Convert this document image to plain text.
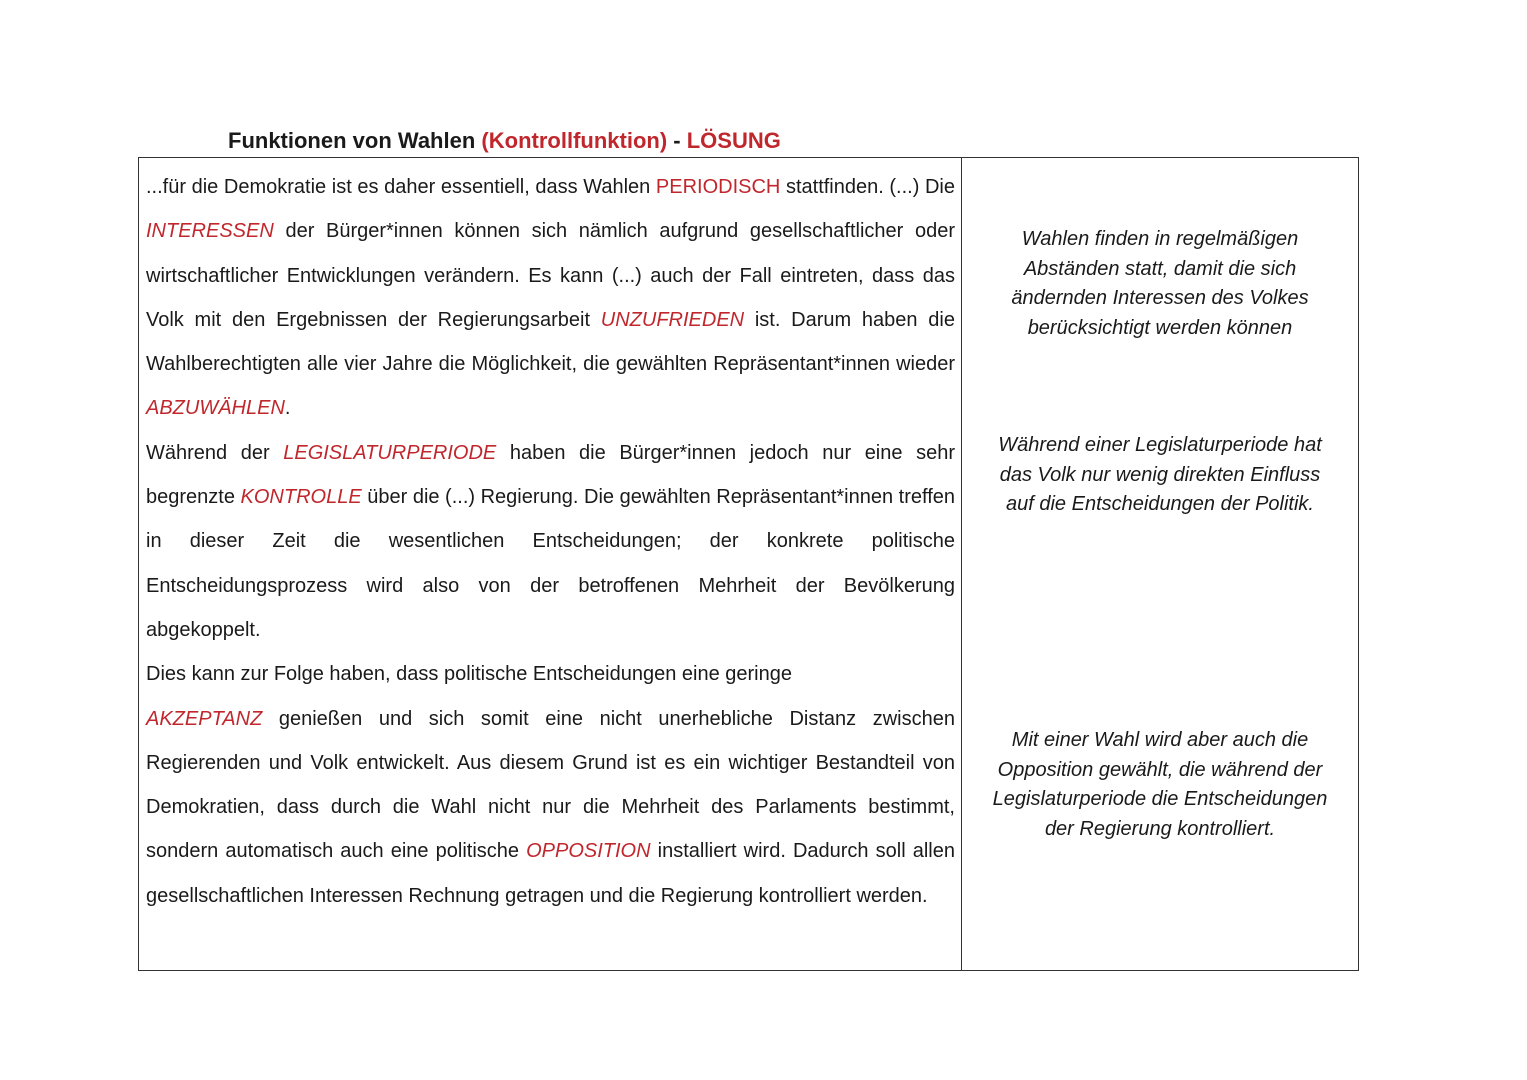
Funktionen von Wahlen (Kontrollfunktion) - LÖSUNG

...für die Demokratie ist es daher essentiell, dass Wahlen PERIODISCH stattfinden. (...) Die INTERESSEN der Bürger*innen können sich nämlich aufgrund gesellschaftlicher oder wirtschaftlicher Entwicklungen verändern. Es kann (...) auch der Fall eintreten, dass das Volk mit den Ergebnissen der Regierungsarbeit UNZUFRIEDEN ist. Darum haben die Wahlberechtigten alle vier Jahre die Möglichkeit, die gewählten Repräsentant*innen wieder ABZUWÄHLEN.

Während der LEGISLATURPERIODE haben die Bürger*innen jedoch nur eine sehr begrenzte KONTROLLE über die (...) Regierung. Die gewählten Repräsentant*innen treffen in dieser Zeit die wesentlichen Entscheidungen; der konkrete politische Entscheidungsprozess wird also von der betroffenen Mehrheit der Bevölkerung abgekoppelt.

Dies kann zur Folge haben, dass politische Entscheidungen eine geringe

AKZEPTANZ genießen und sich somit eine nicht unerhebliche Distanz zwischen Regierenden und Volk entwickelt. Aus diesem Grund ist es ein wichtiger Bestandteil von Demokratien, dass durch die Wahl nicht nur die Mehrheit des Parlaments bestimmt, sondern automatisch auch eine politische OPPOSITION installiert wird. Dadurch soll allen gesellschaftlichen Interessen Rechnung getragen und die Regierung kontrolliert werden.

Wahlen finden in regelmäßigen
Abständen statt, damit die sich
ändernden Interessen des Volkes
berücksichtigt werden können
Während einer Legislaturperiode hat
das Volk nur wenig direkten Einfluss
auf die Entscheidungen der Politik.
Mit einer Wahl wird aber auch die
Opposition gewählt, die während der
Legislaturperiode die Entscheidungen
der Regierung kontrolliert.
